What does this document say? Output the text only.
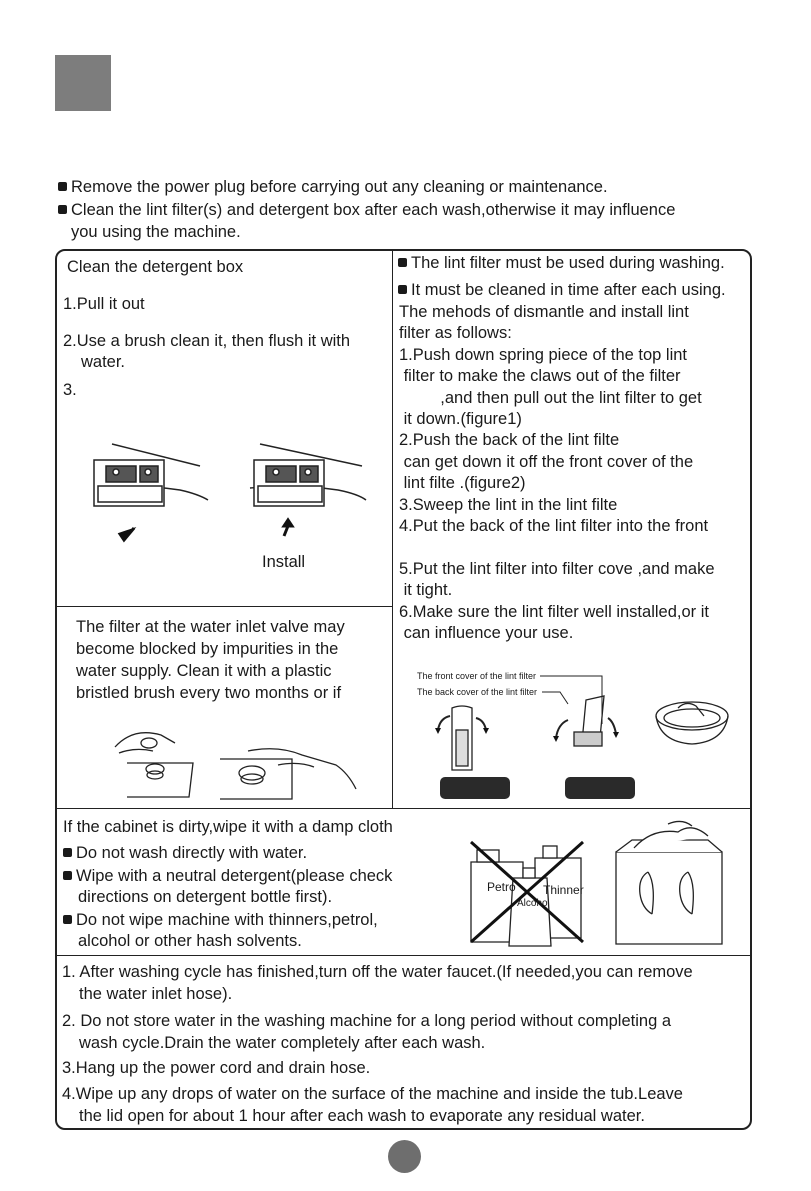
Remove the power plug before carrying out any cleaning or maintenance.
Clean the lint filter(s) and detergent box after each wash,otherwise it may influence
you using the machine.
Clean the detergent box
1.Pull it out
2.Use a brush clean it, then flush it with
water.
3.
Install
The filter at the water inlet valve may
become blocked by impurities in the
water supply. Clean it with a plastic
bristled brush every two months or if
The lint filter must be used during washing.
It must be cleaned in time after each using.
The mehods of dismantle and install lint
filter as follows:
1.Push down spring piece of the top lint
filter to make the claws out of the filter
,and then pull out the lint filter to get
it down.(figure1)
2.Push the back of the lint filte
can get down it off the front cover of the
lint filte .(figure2)
3.Sweep the lint in the lint filte
4.Put the back of the lint filter into the front
5.Put the lint filter into filter cove ,and make
it tight.
6.Make sure the lint filter well installed,or it
can influence your use.
The front cover of the lint filter
The back cover of the lint filter
If the cabinet is dirty,wipe it with a damp cloth
Do not wash directly with water.
Wipe with a neutral detergent(please check
directions on detergent bottle first).
Do not wipe machine with thinners,petrol,
alcohol or other hash solvents.
Petro Thinner
Alcoho
1. After washing cycle has finished,turn off the water faucet.(If needed,you can remove
the water inlet hose).
2. Do not store water in the washing machine for a long period without completing a
wash cycle.Drain the water completely after each wash.
3.Hang up the power cord and drain hose.
4.Wipe up any drops of water on the surface of the machine and inside the tub.Leave
the lid open for about 1 hour after each wash to evaporate any residual water.
